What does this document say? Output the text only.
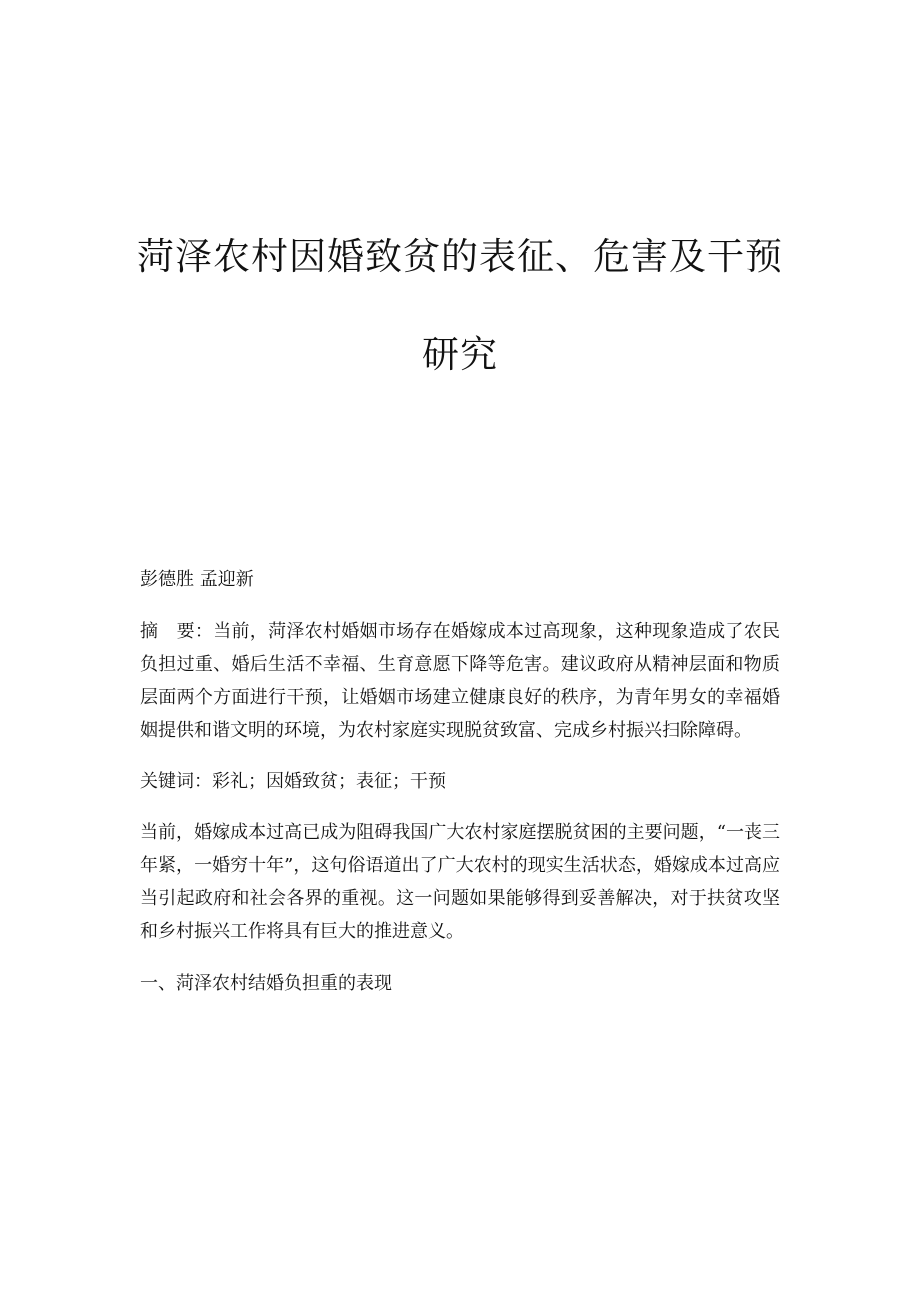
菏泽农村因婚致贫的表征、危害及干预
研究

彭德胜 孟迎新

摘　要：当前，菏泽农村婚姻市场存在婚嫁成本过高现象，这种现象造成了农民负担过重、婚后生活不幸福、生育意愿下降等危害。建议政府从精神层面和物质层面两个方面进行干预，让婚姻市场建立健康良好的秩序，为青年男女的幸福婚姻提供和谐文明的环境，为农村家庭实现脱贫致富、完成乡村振兴扫除障碍。

关键词：彩礼；因婚致贫；表征；干预

当前，婚嫁成本过高已成为阻碍我国广大农村家庭摆脱贫困的主要问题，“一丧三年紧，一婚穷十年”，这句俗语道出了广大农村的现实生活状态，婚嫁成本过高应当引起政府和社会各界的重视。这一问题如果能够得到妥善解决，对于扶贫攻坚和乡村振兴工作将具有巨大的推进意义。

一、菏泽农村结婚负担重的表现
